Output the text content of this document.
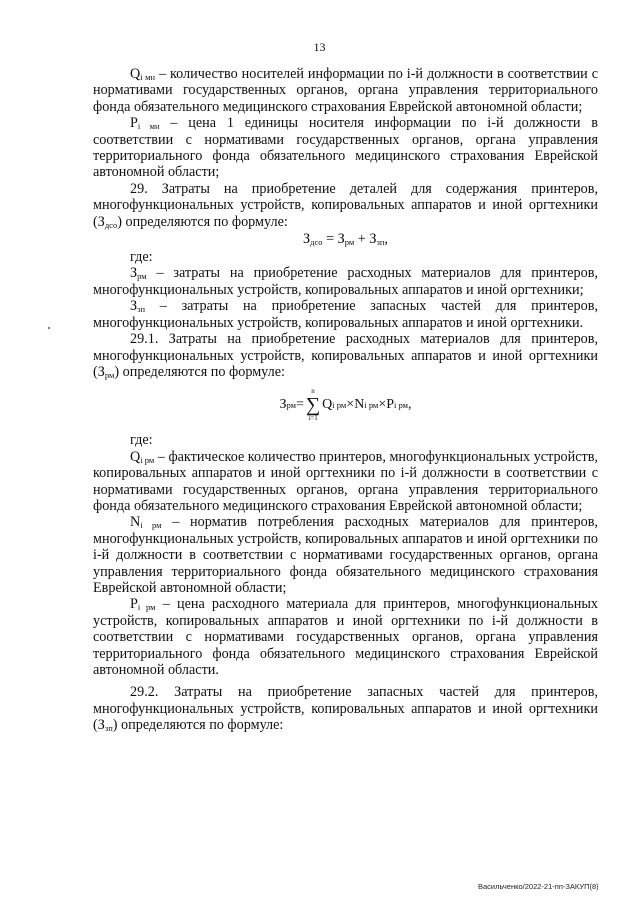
13

$Q_{i мн}$ – количество носителей информации по i-й должности в соответствии с нормативами государственных органов, органа управления территориального фонда обязательного медицинского страхования Еврейской автономной области;

$P_{i мн}$ – цена 1 единицы носителя информации по i-й должности в соответствии с нормативами государственных органов, органа управления территориального фонда обязательного медицинского страхования Еврейской автономной области;

29. Затраты на приобретение деталей для содержания принтеров, многофункциональных устройств, копировальных аппаратов и иной оргтехники $(З_{дсо})$ определяются по формуле:

$З_{дсо} = З_{рм} + З_{зп}$,

где:

$З_{рм}$ – затраты на приобретение расходных материалов для принтеров, многофункциональных устройств, копировальных аппаратов и иной оргтехники;

$З_{зп}$ – затраты на приобретение запасных частей для принтеров, многофункциональных устройств, копировальных аппаратов и иной оргтехники.

29.1. Затраты на приобретение расходных материалов для принтеров, многофункциональных устройств, копировальных аппаратов и иной оргтехники $(З_{рм})$ определяются по формуле:

З рм =
n
∑
i=1
Q i рм × N i рм × P i рм ,

где:

$Q_{i рм}$ – фактическое количество принтеров, многофункциональных устройств, копировальных аппаратов и иной оргтехники по i-й должности в соответствии с нормативами государственных органов, органа управления территориального фонда обязательного медицинского страхования Еврейской автономной области;

$N_{i рм}$ – норматив потребления расходных материалов для принтеров, многофункциональных устройств, копировальных аппаратов и иной оргтехники по i-й должности в соответствии с нормативами государственных органов, органа управления территориального фонда обязательного медицинского страхования Еврейской автономной области;

$P_{i рм}$ – цена расходного материала для принтеров, многофункциональных устройств, копировальных аппаратов и иной оргтехники по i-й должности в соответствии с нормативами государственных органов, органа управления территориального фонда обязательного медицинского страхования Еврейской автономной области.

29.2. Затраты на приобретение запасных частей для принтеров, многофункциональных устройств, копировальных аппаратов и иной оргтехники $(З_{зп})$ определяются по формуле:

Васильченко/2022-21-пп-ЗАКУП(8)
